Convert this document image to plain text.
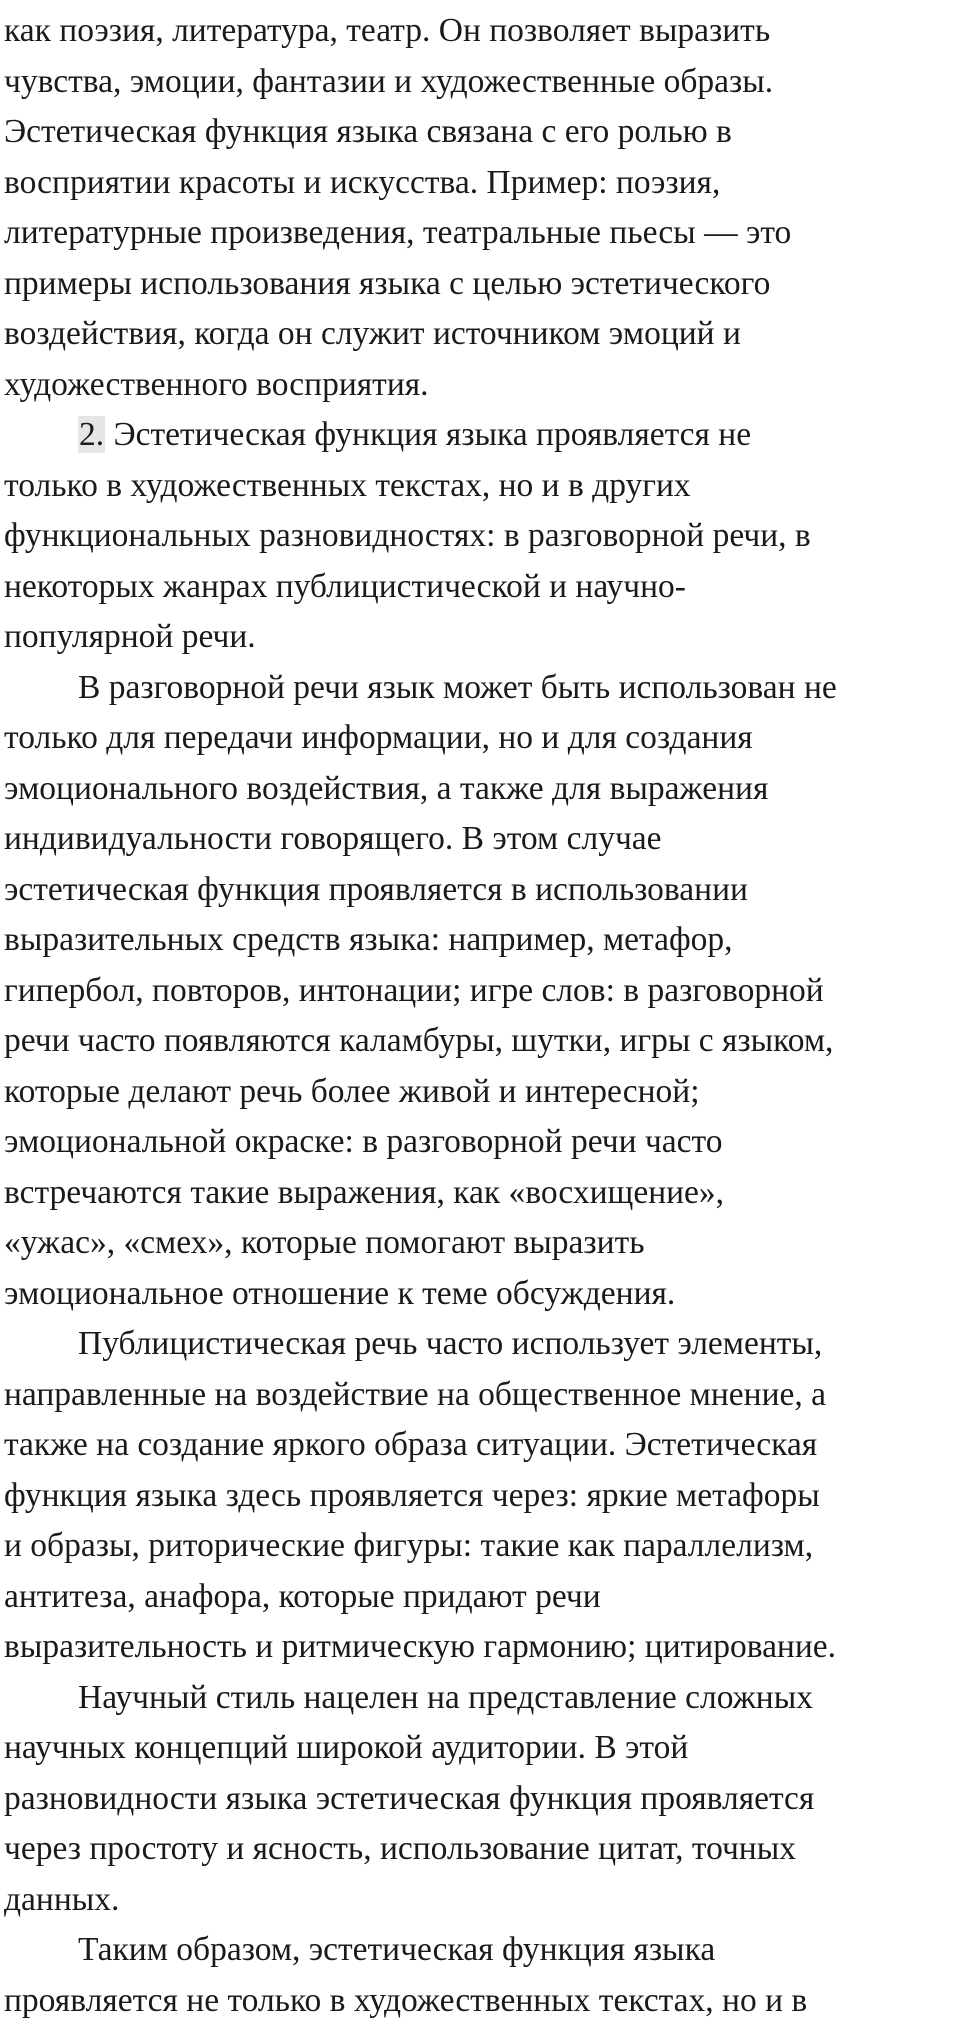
как поэзия, литература, театр. Он позволяет выразить
чувства, эмоции, фантазии и художественные образы.
Эстетическая функция языка связана с его ролью в
восприятии красоты и искусства. Пример: поэзия,
литературные произведения, театральные пьесы — это
примеры использования языка с целью эстетического
воздействия, когда он служит источником эмоций и
художественного восприятия.
2. Эстетическая функция языка проявляется не
только в художественных текстах, но и в других
функциональных разновидностях: в разговорной речи, в
некоторых жанрах публицистической и научно-
популярной речи.
В разговорной речи язык может быть использован не
только для передачи информации, но и для создания
эмоционального воздействия, а также для выражения
индивидуальности говорящего. В этом случае
эстетическая функция проявляется в использовании
выразительных средств языка: например, метафор,
гипербол, повторов, интонации; игре слов: в разговорной
речи часто появляются каламбуры, шутки, игры с языком,
которые делают речь более живой и интересной;
эмоциональной окраске: в разговорной речи часто
встречаются такие выражения, как «восхищение»,
«ужас», «смех», которые помогают выразить
эмоциональное отношение к теме обсуждения.
Публицистическая речь часто использует элементы,
направленные на воздействие на общественное мнение, а
также на создание яркого образа ситуации. Эстетическая
функция языка здесь проявляется через: яркие метафоры
и образы, риторические фигуры: такие как параллелизм,
антитеза, анафора, которые придают речи
выразительность и ритмическую гармонию; цитирование.
Научный стиль нацелен на представление сложных
научных концепций широкой аудитории. В этой
разновидности языка эстетическая функция проявляется
через простоту и ясность, использование цитат, точных
данных.
Таким образом, эстетическая функция языка
проявляется не только в художественных текстах, но и в
